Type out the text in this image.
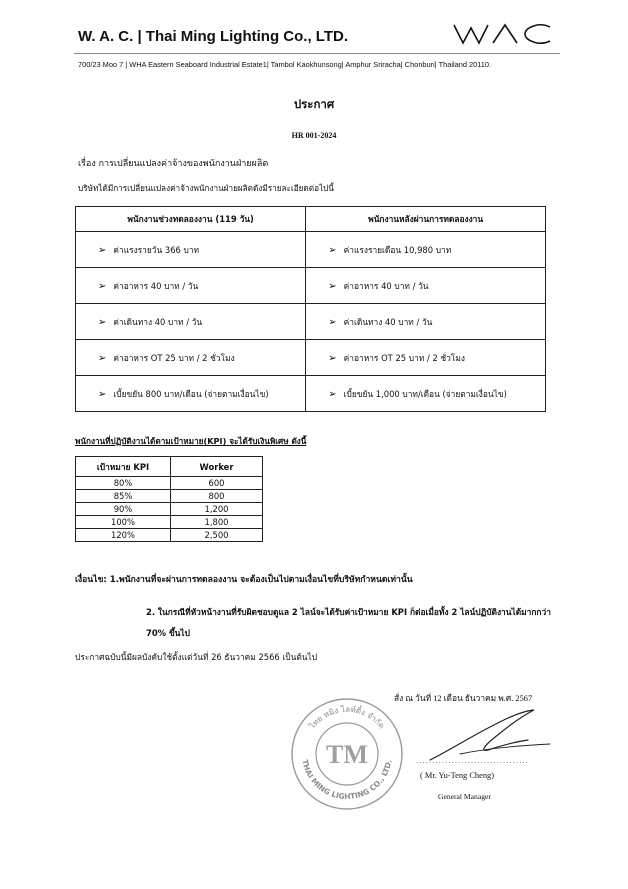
W. A. C. | Thai Ming Lighting Co., LTD.
700/23 Moo 7 | WHA Eastern Seaboard Industrial Estate1| Tambol Kaokhunsong| Amphur Sriracha| Chonburi| Thailand 20110.
ประกาศ
HR 001-2024
เรื่อง การเปลี่ยนแปลงค่าจ้างของพนักงานฝ่ายผลิต
บริษัทได้มีการเปลี่ยนแปลงค่าจ้างพนักงานฝ่ายผลิตดังมีรายละเอียดต่อไปนี้
พนักงานช่วงทดลองงาน (119 วัน)	พนักงานหลังผ่านการทดลองงาน
➢ ค่าแรงรายวัน 366 บาท	➢ ค่าแรงรายเดือน 10,980 บาท
➢ ค่าอาหาร 40 บาท / วัน	➢ ค่าอาหาร 40 บาท / วัน
➢ ค่าเดินทาง 40 บาท / วัน	➢ ค่าเดินทาง 40 บาท / วัน
➢ ค่าอาหาร OT 25 บาท / 2 ชั่วโมง	➢ ค่าอาหาร OT 25 บาท / 2 ชั่วโมง
➢ เบี้ยขยัน 800 บาท/เดือน (จ่ายตามเงื่อนไข)	➢ เบี้ยขยัน 1,000 บาท/เดือน (จ่ายตามเงื่อนไข)
พนักงานที่ปฏิบัติงานได้ตามเป้าหมาย(KPI) จะได้รับเงินพิเศษ ดังนี้
เป้าหมาย KPI	Worker
80%	600
85%	800
90%	1,200
100%	1,800
120%	2,500
เงื่อนไข: 1.พนักงานที่จะผ่านการทดลองงาน จะต้องเป็นไปตามเงื่อนไขที่บริษัทกำหนดเท่านั้น
2. ในกรณีที่หัวหน้างานที่รับผิดชอบดูแล 2 ไลน์จะได้รับค่าเป้าหมาย KPI ก็ต่อเมื่อทั้ง 2 ไลน์ปฏิบัติงานได้มากกว่า 70% ขึ้นไป
ประกาศฉบับนี้มีผลบังคับใช้ตั้งแต่วันที่ 26 ธันวาคม 2566 เป็นต้นไป
สั่ง ณ วันที่ 12 เดือน ธันวาคม พ.ศ. 2567
ไทย หมิง ไลท์ติ้ง จำกัด
THAI MING LIGHTING CO., LTD.
TM	...................................
( Mr. Yu-Teng Cheng)
General Manager
